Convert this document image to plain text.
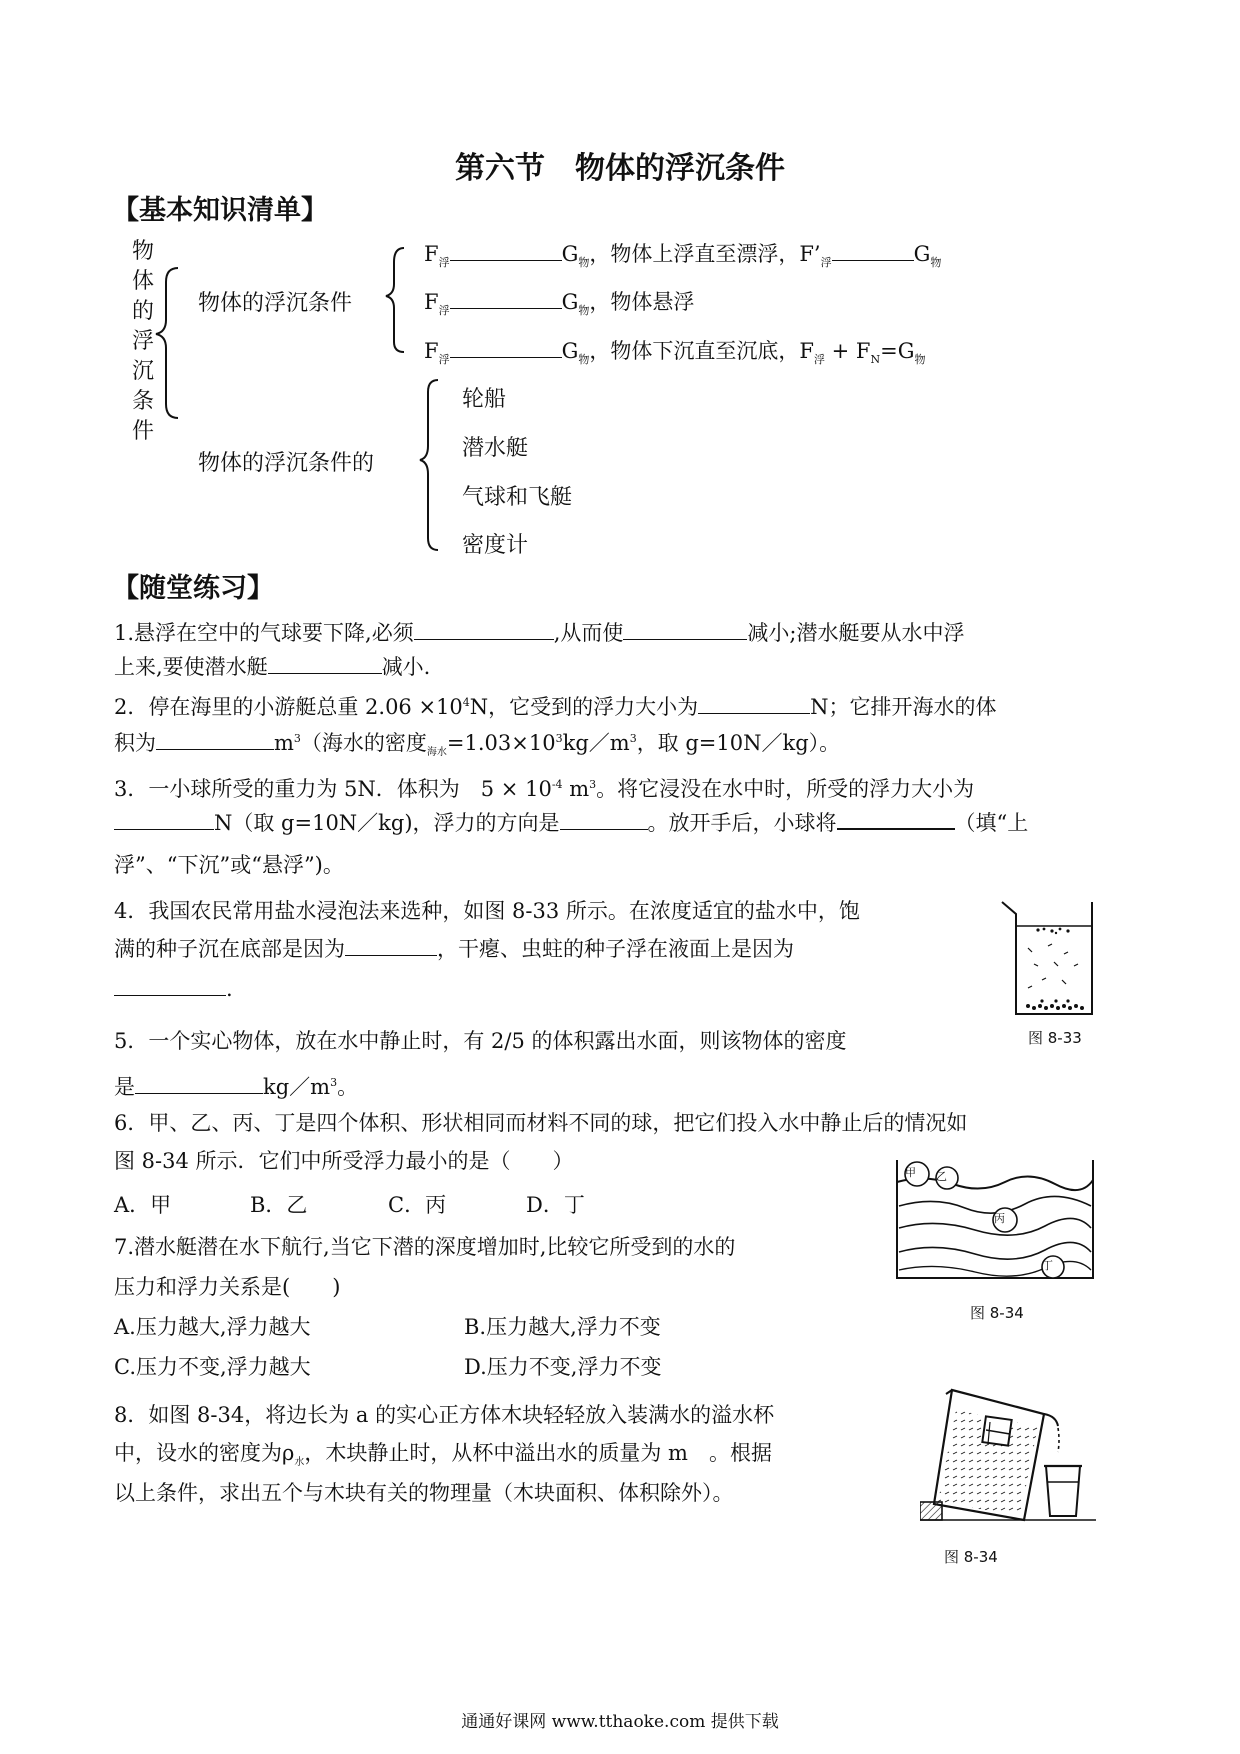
第六节　物体的浮沉条件
【基本知识清单】
物
体
的
浮
沉
条
件
物体的浮沉条件
物体的浮沉条件的
$F_浮$	$G_物$，物体上浮直至漂浮，$F’_浮$	$G_物$
$F_浮$	$G_物$，物体悬浮
$F_浮$	$G_物$，物体下沉直至沉底，$F_浮 + F_N=G_物$
轮船
潜水艇
气球和飞艇
密度计
【随堂练习】
1.悬浮在空中的气球要下降,必须	,从而使	减小;潜水艇要从水中浮
上来,要使潜水艇	减小.
2．停在海里的小游艇总重 $2.06 \times 10^4N$，它受到的浮力大小为	N；它排开海水的体
积为	$m^3$（海水的密度$_{海水}=1.03\times 10^3kg/m^3$，取 g=10N／kg）。
3．一小球所受的重力为 5N．体积为　$5 \times 10^{-4}$ $m^3$。将它浸没在水中时，所受的浮力大小为
N（取 g=10N／kg)，浮力的方向是	。放开手后，小球将	（填“上
浮”、“下沉”或“悬浮”)。
4．我国农民常用盐水浸泡法来选种，如图 8-33 所示。在浓度适宜的盐水中，饱
满的种子沉在底部是因为	，干瘪、虫蛀的种子浮在液面上是因为
.
图 8-33
5．一个实心物体，放在水中静止时，有 2/5 的体积露出水面，则该物体的密度
是	$kg/m^3$。
6．甲、乙、丙、丁是四个体积、形状相同而材料不同的球，把它们投入水中静止后的情况如
图 8-34 所示．它们中所受浮力最小的是（　　）
A．甲	B．乙	C．丙	D．丁
甲 乙
丙
丁
图 8-34
7.潜水艇潜在水下航行,当它下潜的深度增加时,比较它所受到的水的
压力和浮力关系是(　　)
A.压力越大,浮力越大	B.压力越大,浮力不变
C.压力不变,浮力越大	D.压力不变,浮力不变
8．如图 8-34，将边长为 a 的实心正方体木块轻轻放入装满水的溢水杯
中，设水的密度为$\rho_水$，木块静止时，从杯中溢出水的质量为 m　。根据
以上条件，求出五个与木块有关的物理量（木块面积、体积除外）。
图 8-34
通通好课网 www.tthaoke.com 提供下载
